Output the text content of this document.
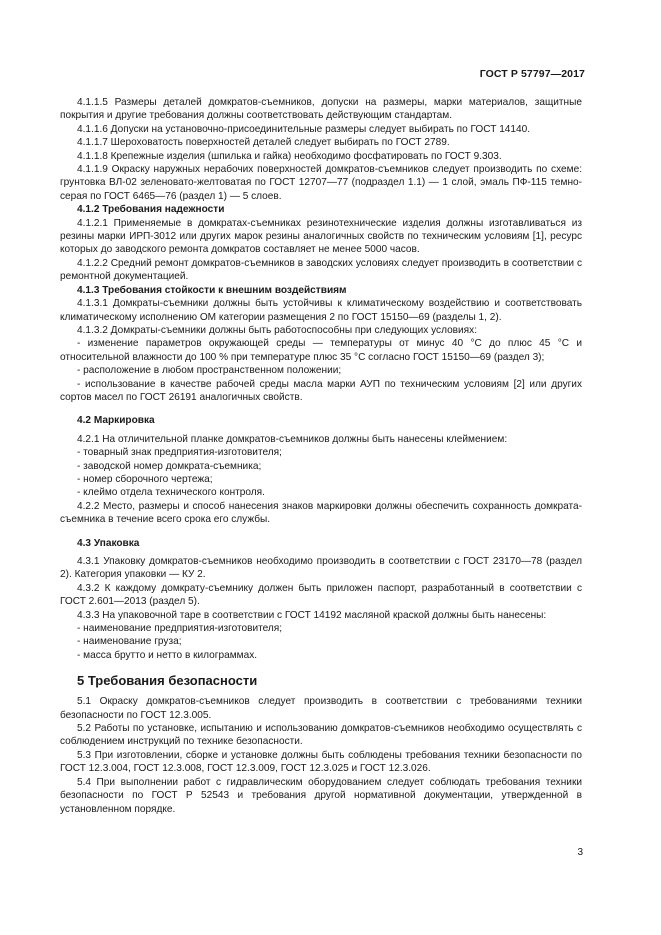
ГОСТ Р 57797—2017

4.1.1.5 Размеры деталей домкратов-съемников, допуски на размеры, марки материалов, защитные покрытия и другие требования должны соответствовать действующим стандартам.

4.1.1.6 Допуски на установочно-присоединительные размеры следует выбирать по ГОСТ 14140.

4.1.1.7 Шероховатость поверхностей деталей следует выбирать по ГОСТ 2789.

4.1.1.8 Крепежные изделия (шпилька и гайка) необходимо фосфатировать по ГОСТ 9.303.

4.1.1.9 Окраску наружных нерабочих поверхностей домкратов-съемников следует производить по схеме: грунтовка ВЛ-02 зеленовато-желтоватая по ГОСТ 12707—77 (подраздел 1.1) — 1 слой, эмаль ПФ-115 темно-серая по ГОСТ 6465—76 (раздел 1) — 5 слоев.

4.1.2 Требования надежности

4.1.2.1 Применяемые в домкратах-съемниках резинотехнические изделия должны изготавливаться из резины марки ИРП-3012 или других марок резины аналогичных свойств по техническим условиям [1], ресурс которых до заводского ремонта домкратов составляет не менее 5000 часов.

4.1.2.2 Средний ремонт домкратов-съемников в заводских условиях следует производить в соответствии с ремонтной документацией.

4.1.3 Требования стойкости к внешним воздействиям

4.1.3.1 Домкраты-съемники должны быть устойчивы к климатическому воздействию и соответствовать климатическому исполнению ОМ категории размещения 2 по ГОСТ 15150—69 (разделы 1, 2).

4.1.3.2 Домкраты-съемники должны быть работоспособны при следующих условиях:

- изменение параметров окружающей среды — температуры от минус 40 °С до плюс 45 °С и относительной влажности до 100 % при температуре плюс 35 °С согласно ГОСТ 15150—69 (раздел 3);
- расположение в любом пространственном положении;
- использование в качестве рабочей среды масла марки АУП по техническим условиям [2] или других сортов масел по ГОСТ 26191 аналогичных свойств.
4.2 Маркировка

4.2.1 На отличительной планке домкратов-съемников должны быть нанесены клеймением:

- товарный знак предприятия-изготовителя;
- заводской номер домкрата-съемника;
- номер сборочного чертежа;
- клеймо отдела технического контроля.

4.2.2 Место, размеры и способ нанесения знаков маркировки должны обеспечить сохранность домкрата-съемника в течение всего срока его службы.

4.3 Упаковка

4.3.1 Упаковку домкратов-съемников необходимо производить в соответствии с ГОСТ 23170—78 (раздел 2). Категория упаковки — КУ 2.

4.3.2 К каждому домкрату-съемнику должен быть приложен паспорт, разработанный в соответствии с ГОСТ 2.601—2013 (раздел 5).

4.3.3 На упаковочной таре в соответствии с ГОСТ 14192 масляной краской должны быть нанесены:

- наименование предприятия-изготовителя;
- наименование груза;
- масса брутто и нетто в килограммах.
5 Требования безопасности

5.1 Окраску домкратов-съемников следует производить в соответствии с требованиями техники безопасности по ГОСТ 12.3.005.

5.2 Работы по установке, испытанию и использованию домкратов-съемников необходимо осуществлять с соблюдением инструкций по технике безопасности.

5.3 При изготовлении, сборке и установке должны быть соблюдены требования техники безопасности по ГОСТ 12.3.004, ГОСТ 12.3.008, ГОСТ 12.3.009, ГОСТ 12.3.025 и ГОСТ 12.3.026.

5.4 При выполнении работ с гидравлическим оборудованием следует соблюдать требования техники безопасности по ГОСТ Р 52543 и требования другой нормативной документации, утвержденной в установленном порядке.

3
